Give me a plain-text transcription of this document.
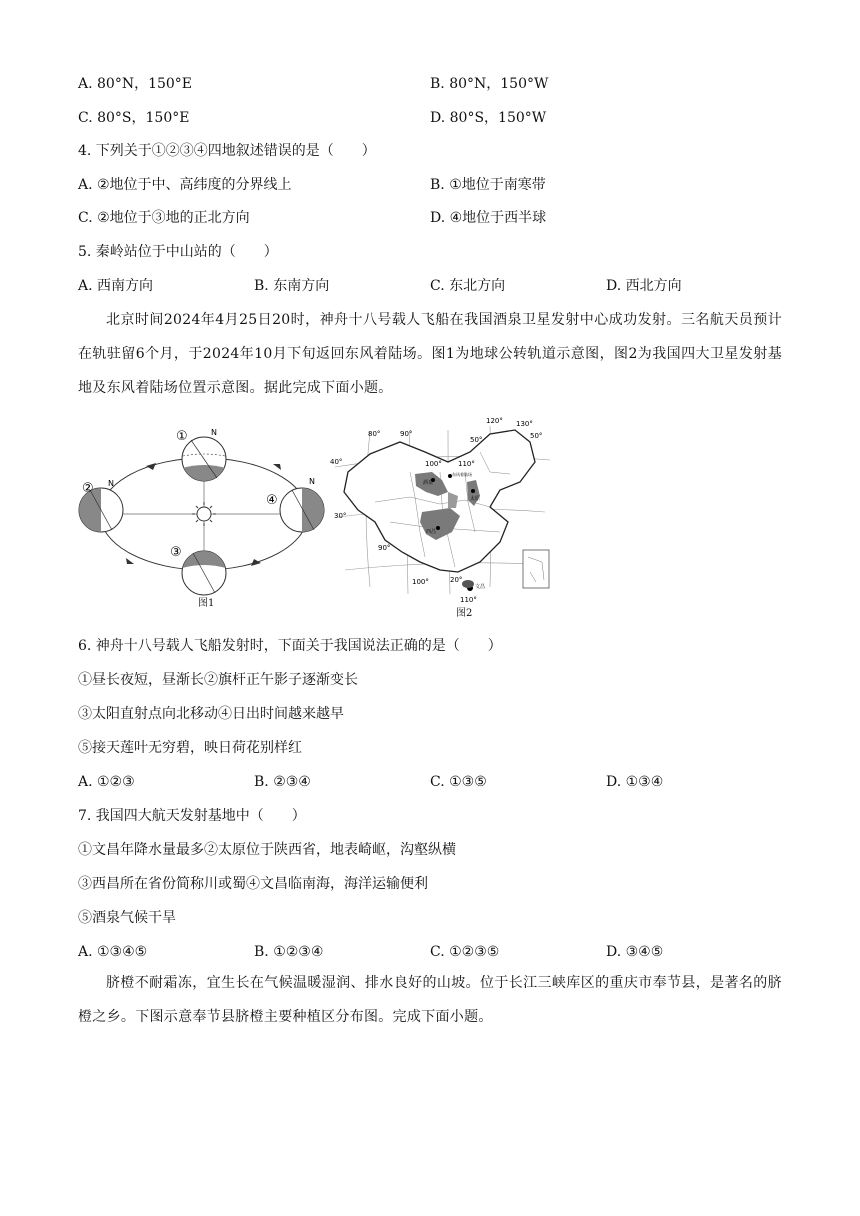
A. 80°N，150°E	B. 80°N，150°W
C. 80°S，150°E	D. 80°S，150°W
4. 下列关于①②③④四地叙述错误的是（　　）
A. ②地位于中、高纬度的分界线上	B. ①地位于南寒带
C. ②地位于③地的正北方向	D. ④地位于西半球
5. 秦岭站位于中山站的（　　）
A. 西南方向	B. 东南方向	C. 东北方向	D. 西北方向
北京时间2024年4月25日20时，神舟十八号载人飞船在我国酒泉卫星发射中心成功发射。三名航天员预计在轨驻留6个月，于2024年10月下旬返回东风着陆场。图1为地球公转轨道示意图，图2为我国四大卫星发射基地及东风着陆场位置示意图。据此完成下面小题。
①
②
③
④
N
N	N
图1
酒泉
东风着陆场
太原
西昌
文昌
80°	90°
100° 110°
120° 130°
40°
50°	50°
30°
90°
100°	20°
110°
图2
6. 神舟十八号载人飞船发射时，下面关于我国说法正确的是（　　）
①昼长夜短，昼渐长②旗杆正午影子逐渐变长
③太阳直射点向北移动④日出时间越来越早
⑤接天莲叶无穷碧，映日荷花别样红
A. ①②③	B. ②③④	C. ①③⑤	D. ①③④
7. 我国四大航天发射基地中（　　）
①文昌年降水量最多②太原位于陕西省，地表崎岖，沟壑纵横
③西昌所在省份简称川或蜀④文昌临南海，海洋运输便利
⑤酒泉气候干旱
A. ①③④⑤	B. ①②③④	C. ①②③⑤	D. ③④⑤
脐橙不耐霜冻，宜生长在气候温暖湿润、排水良好的山坡。位于长江三峡库区的重庆市奉节县，是著名的脐橙之乡。下图示意奉节县脐橙主要种植区分布图。完成下面小题。
